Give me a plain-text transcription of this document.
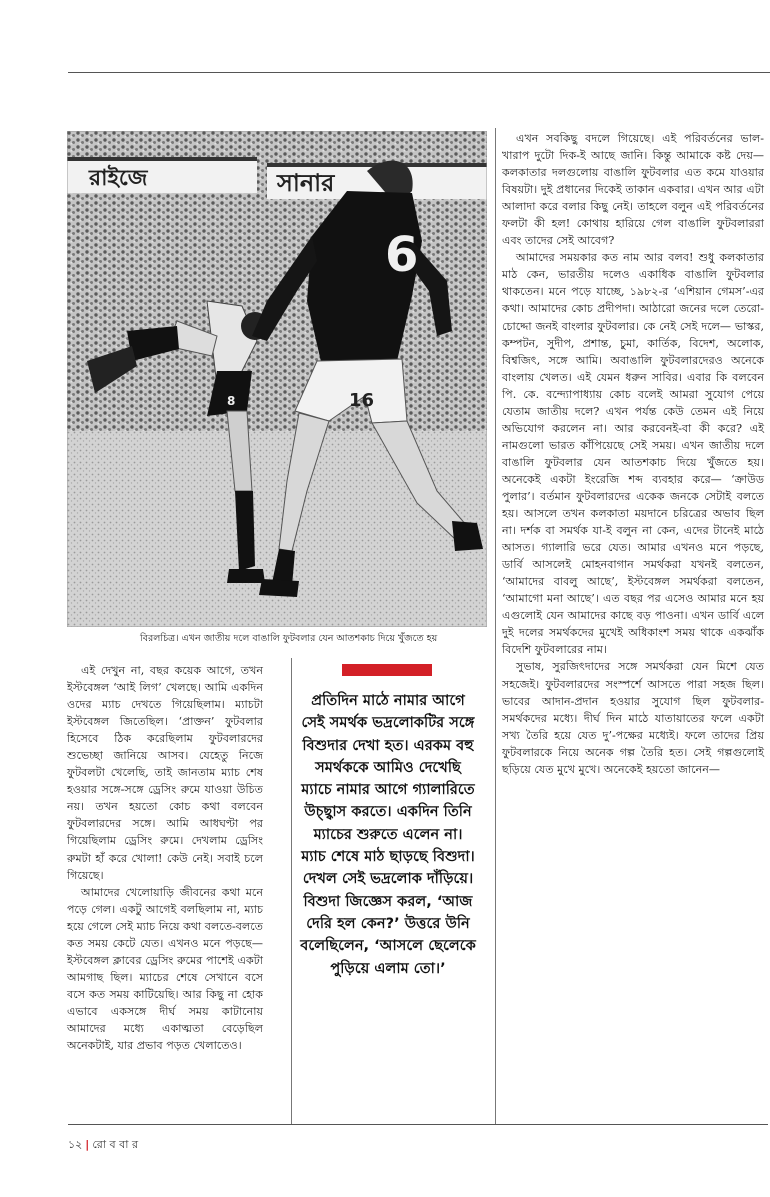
রাইজে	সানার
8
6
16
বিরলচিত্র। এখন জাতীয় দলে বাঙালি ফুটবলার যেন আতশকাচ দিয়ে খুঁজতে হয়

এখন সবকিছু বদলে গিয়েছে। এই পরিবর্তনের ভাল-খারাপ দুটো দিক-ই আছে জানি। কিন্তু আমাকে কষ্ট দেয়— কলকাতার দলগুলোয় বাঙালি ফুটবলার এত কমে যাওয়ার বিষয়টা। দুই প্রধানের দিকেই তাকান একবার। এখন আর এটা আলাদা করে বলার কিছু নেই। তাহলে বলুন এই পরিবর্তনের ফলটা কী হল! কোথায় হারিয়ে গেল বাঙালি ফুটবলাররা এবং তাদের সেই আবেগ?

আমাদের সময়কার কত নাম আর বলব! শুধু কলকাতার মাঠ কেন, ভারতীয় দলেও একাধিক বাঙালি ফুটবলার থাকতেন। মনে পড়ে যাচ্ছে, ১৯৮২-র ‘এশিয়ান গেমস’-এর কথা। আমাদের কোচ প্রদীপদা। আঠারো জনের দলে তেরো-চোদ্দো জনই বাংলার ফুটবলার। কে নেই সেই দলে— ভাস্কর, কম্পটন, সুদীপ, প্রশান্ত, চুমা, কার্তিক, বিদেশ, অলোক, বিশ্বজিৎ, সঙ্গে আমি। অবাঙালি ফুটবলারদেরও অনেকে বাংলায় খেলত। এই যেমন ধরুন সাবির। এবার কি বলবেন পি. কে. বন্দ্যোপাধ্যায় কোচ বলেই আমরা সুযোগ পেয়ে যেতাম জাতীয় দলে? এখন পর্যন্ত কেউ তেমন এই নিয়ে অভিযোগ করলেন না। আর করবেনই-বা কী করে? এই নামগুলো ভারত কাঁপিয়েছে সেই সময়। এখন জাতীয় দলে বাঙালি ফুটবলার যেন আতশকাচ দিয়ে খুঁজতে হয়। অনেকেই একটা ইংরেজি শব্দ ব্যবহার করে— ‘ক্রাউড পুলার’। বর্তমান ফুটবলারদের একেক জনকে সেটাই বলতে হয়। আসলে তখন কলকাতা ময়দানে চরিত্রের অভাব ছিল না। দর্শক বা সমর্থক যা-ই বলুন না কেন, এদের টানেই মাঠে আসত। গ্যালারি ভরে যেত। আমার এখনও মনে পড়ছে, ডার্বি আসলেই মোহনবাগান সমর্থকরা যখনই বলতেন, ‘আমাদের বাবলু আছে’, ইস্টবেঙ্গল সমর্থকরা বলতেন, ‘আমাগো মনা আছে’। এত বছর পর এসেও আমার মনে হয় এগুলোই যেন আমাদের কাছে বড় পাওনা। এখন ডার্বি এলে দুই দলের সমর্থকদের মুখেই অধিকাংশ সময় থাকে একঝাঁক বিদেশি ফুটবলারের নাম।

সুভাষ, সুরজিৎদাদের সঙ্গে সমর্থকরা যেন মিশে যেত সহজেই। ফুটবলারদের সংস্পর্শে আসতে পারা সহজ ছিল। ভাবের আদান-প্রদান হওয়ার সুযোগ ছিল ফুটবলার-সমর্থকদের মধ্যে। দীর্ঘ দিন মাঠে যাতায়াতের ফলে একটা সখ্য তৈরি হয়ে যেত দু’-পক্ষের মধ্যেই। ফলে তাদের প্রিয় ফুটবলারকে নিয়ে অনেক গল্প তৈরি হত। সেই গল্পগুলোই ছড়িয়ে যেত মুখে মুখে। অনেকেই হয়তো জানেন—

এই দেখুন না, বছর কয়েক আগে, তখন ইস্টবেঙ্গল ‘আই লিগ’ খেলছে। আমি একদিন ওদের ম্যাচ দেখতে গিয়েছিলাম। ম্যাচটা ইস্টবেঙ্গল জিতেছিল। ‘প্রাক্তন’ ফুটবলার হিসেবে ঠিক করেছিলাম ফুটবলারদের শুভেচ্ছা জানিয়ে আসব। যেহেতু নিজে ফুটবলটা খেলেছি, তাই জানতাম ম্যাচ শেষ হওয়ার সঙ্গে-সঙ্গে ড্রেসিং রুমে যাওয়া উচিত নয়। তখন হয়তো কোচ কথা বলবেন ফুটবলারদের সঙ্গে। আমি আধঘণ্টা পর গিয়েছিলাম ড্রেসিং রুমে। দেখলাম ড্রেসিং রুমটা হাঁ করে খোলা! কেউ নেই। সবাই চলে গিয়েছে।

আমাদের খেলোয়াড়ি জীবনের কথা মনে পড়ে গেল। একটু আগেই বলছিলাম না, ম্যাচ হয়ে গেলে সেই ম্যাচ নিয়ে কথা বলতে-বলতে কত সময় কেটে যেত। এখনও মনে পড়ছে— ইস্টবেঙ্গল ক্লাবের ড্রেসিং রুমের পাশেই একটা আমগাছ ছিল। ম্যাচের শেষে সেখানে বসে বসে কত সময় কাটিয়েছি। আর কিছু না হোক এভাবে একসঙ্গে দীর্ঘ সময় কাটানোয় আমাদের মধ্যে একাত্মতা বেড়েছিল অনেকটাই, যার প্রভাব পড়ত খেলাতেও।

প্রতিদিন মাঠে নামার আগে সেই সমর্থক ভদ্রলোকটির সঙ্গে বিশুদার দেখা হত। এরকম বহু সমর্থককে আমিও দেখেছি ম্যাচে নামার আগে গ্যালারিতে উচ্ছ্বাস করতে। একদিন তিনি ম্যাচের শুরুতে এলেন না। ম্যাচ শেষে মাঠ ছাড়ছে বিশুদা। দেখল সেই ভদ্রলোক দাঁড়িয়ে। বিশুদা জিজ্ঞেস করল, ‘আজ দেরি হল কেন?’ উত্তরে উনি বলেছিলেন, ‘আসলে ছেলেকে পুড়িয়ে এলাম তো।’
১২ | রো ব বা র
